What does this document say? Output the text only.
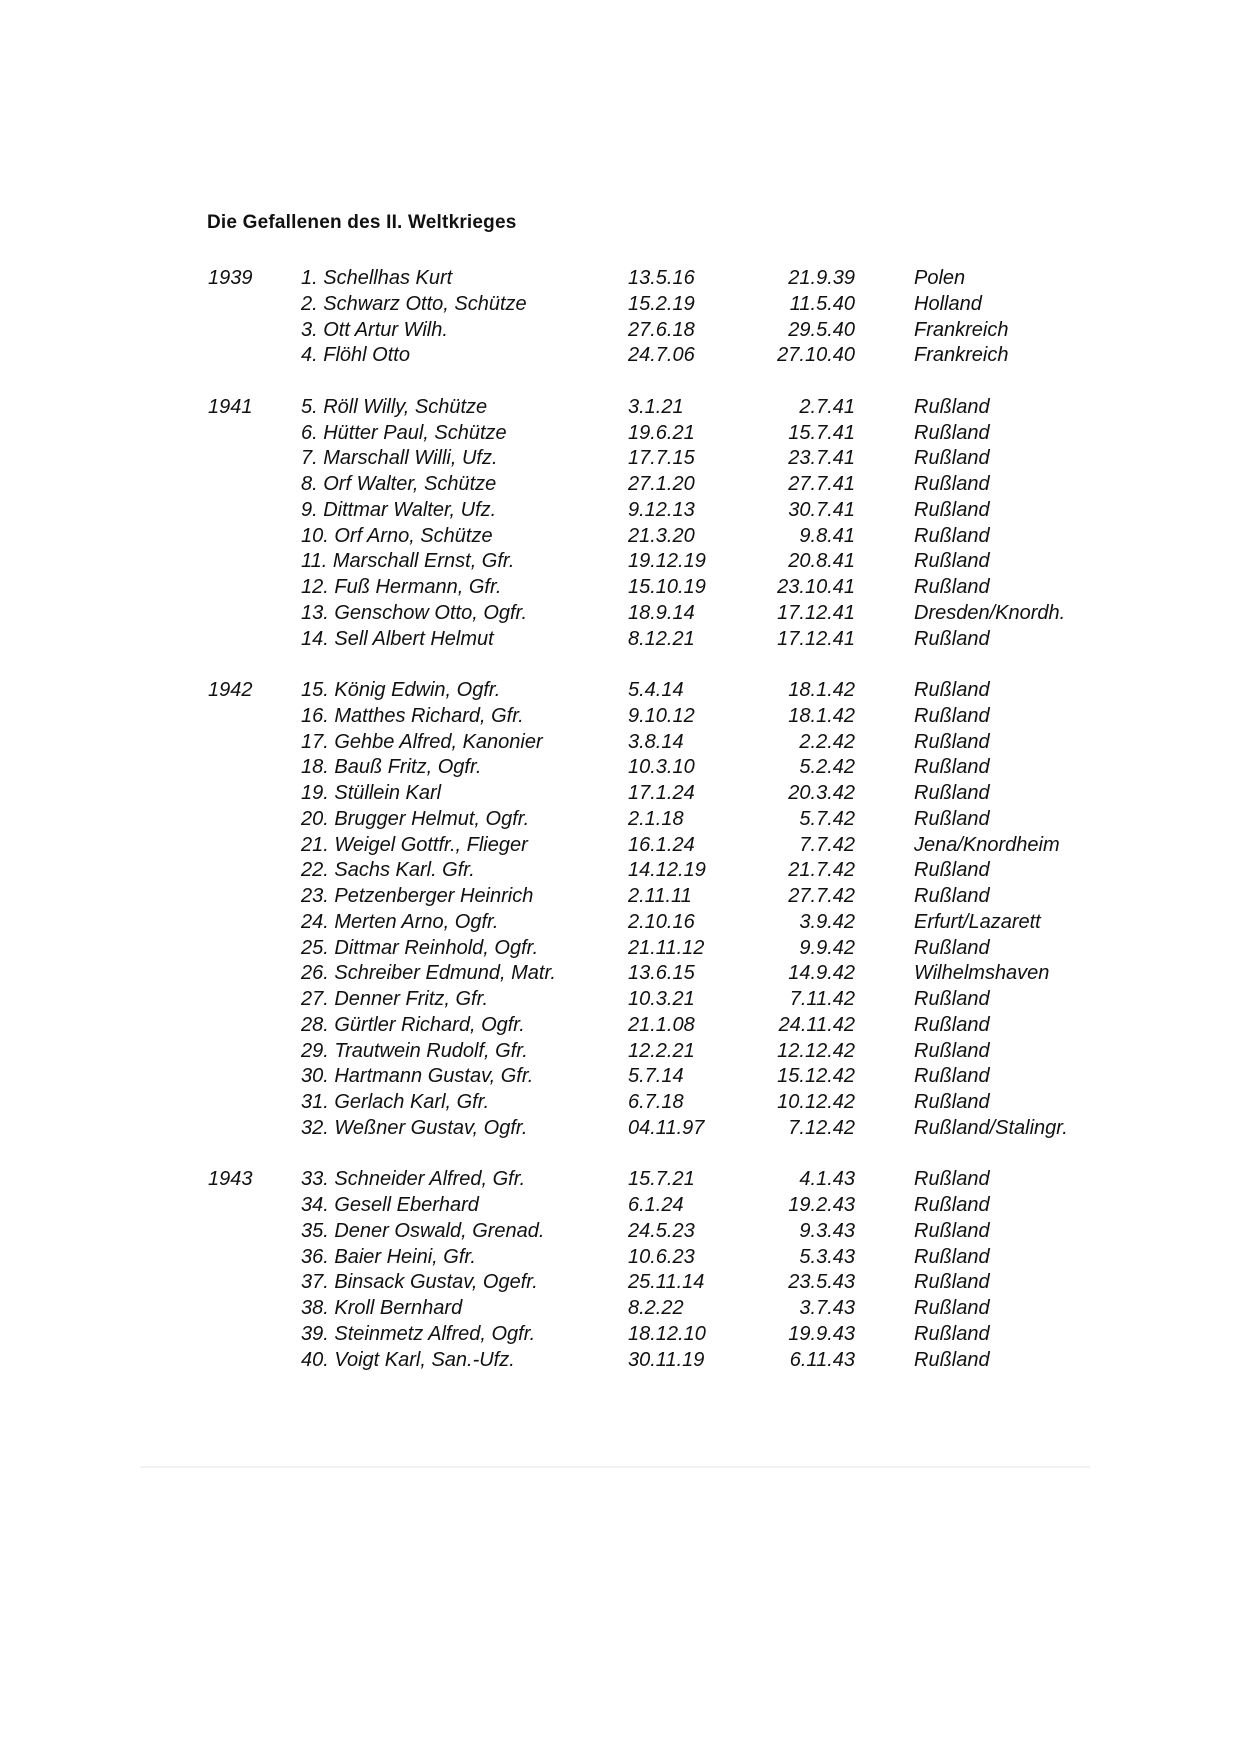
Die Gefallenen des II. Weltkrieges
1939 1. Schellhas Kurt	13.5.16	21.9.39	Polen
2. Schwarz Otto, Schütze	15.2.19	11.5.40	Holland
3. Ott Artur Wilh.	27.6.18	29.5.40	Frankreich
4. Flöhl Otto	24.7.06	27.10.40	Frankreich
1941 5. Röll Willy, Schütze	3.1.21	2.7.41	Rußland
6. Hütter Paul, Schütze	19.6.21	15.7.41	Rußland
7. Marschall Willi, Ufz.	17.7.15	23.7.41	Rußland
8. Orf Walter, Schütze	27.1.20	27.7.41	Rußland
9. Dittmar Walter, Ufz.	9.12.13	30.7.41	Rußland
10. Orf Arno, Schütze	21.3.20	9.8.41	Rußland
11. Marschall Ernst, Gfr.	19.12.19	20.8.41	Rußland
12. Fuß Hermann, Gfr.	15.10.19	23.10.41	Rußland
13. Genschow Otto, Ogfr.	18.9.14	17.12.41	Dresden/Knordh.
14. Sell Albert Helmut	8.12.21	17.12.41	Rußland
1942 15. König Edwin, Ogfr.	5.4.14	18.1.42	Rußland
16. Matthes Richard, Gfr.	9.10.12	18.1.42	Rußland
17. Gehbe Alfred, Kanonier	3.8.14	2.2.42	Rußland
18. Bauß Fritz, Ogfr.	10.3.10	5.2.42	Rußland
19. Stüllein Karl	17.1.24	20.3.42	Rußland
20. Brugger Helmut, Ogfr.	2.1.18	5.7.42	Rußland
21. Weigel Gottfr., Flieger	16.1.24	7.7.42	Jena/Knordheim
22. Sachs Karl. Gfr.	14.12.19	21.7.42	Rußland
23. Petzenberger Heinrich	2.11.11	27.7.42	Rußland
24. Merten Arno, Ogfr.	2.10.16	3.9.42	Erfurt/Lazarett
25. Dittmar Reinhold, Ogfr.	21.11.12	9.9.42	Rußland
26. Schreiber Edmund, Matr.	13.6.15	14.9.42	Wilhelmshaven
27. Denner Fritz, Gfr.	10.3.21	7.11.42	Rußland
28. Gürtler Richard, Ogfr.	21.1.08	24.11.42	Rußland
29. Trautwein Rudolf, Gfr.	12.2.21	12.12.42	Rußland
30. Hartmann Gustav, Gfr.	5.7.14	15.12.42	Rußland
31. Gerlach Karl, Gfr.	6.7.18	10.12.42	Rußland
32. Weßner Gustav, Ogfr.	04.11.97	7.12.42	Rußland/Stalingr.
1943 33. Schneider Alfred, Gfr.	15.7.21	4.1.43	Rußland
34. Gesell Eberhard	6.1.24	19.2.43	Rußland
35. Dener Oswald, Grenad.	24.5.23	9.3.43	Rußland
36. Baier Heini, Gfr.	10.6.23	5.3.43	Rußland
37. Binsack Gustav, Ogefr.	25.11.14	23.5.43	Rußland
38. Kroll Bernhard	8.2.22	3.7.43	Rußland
39. Steinmetz Alfred, Ogfr.	18.12.10	19.9.43	Rußland
40. Voigt Karl, San.-Ufz.	30.11.19	6.11.43	Rußland
